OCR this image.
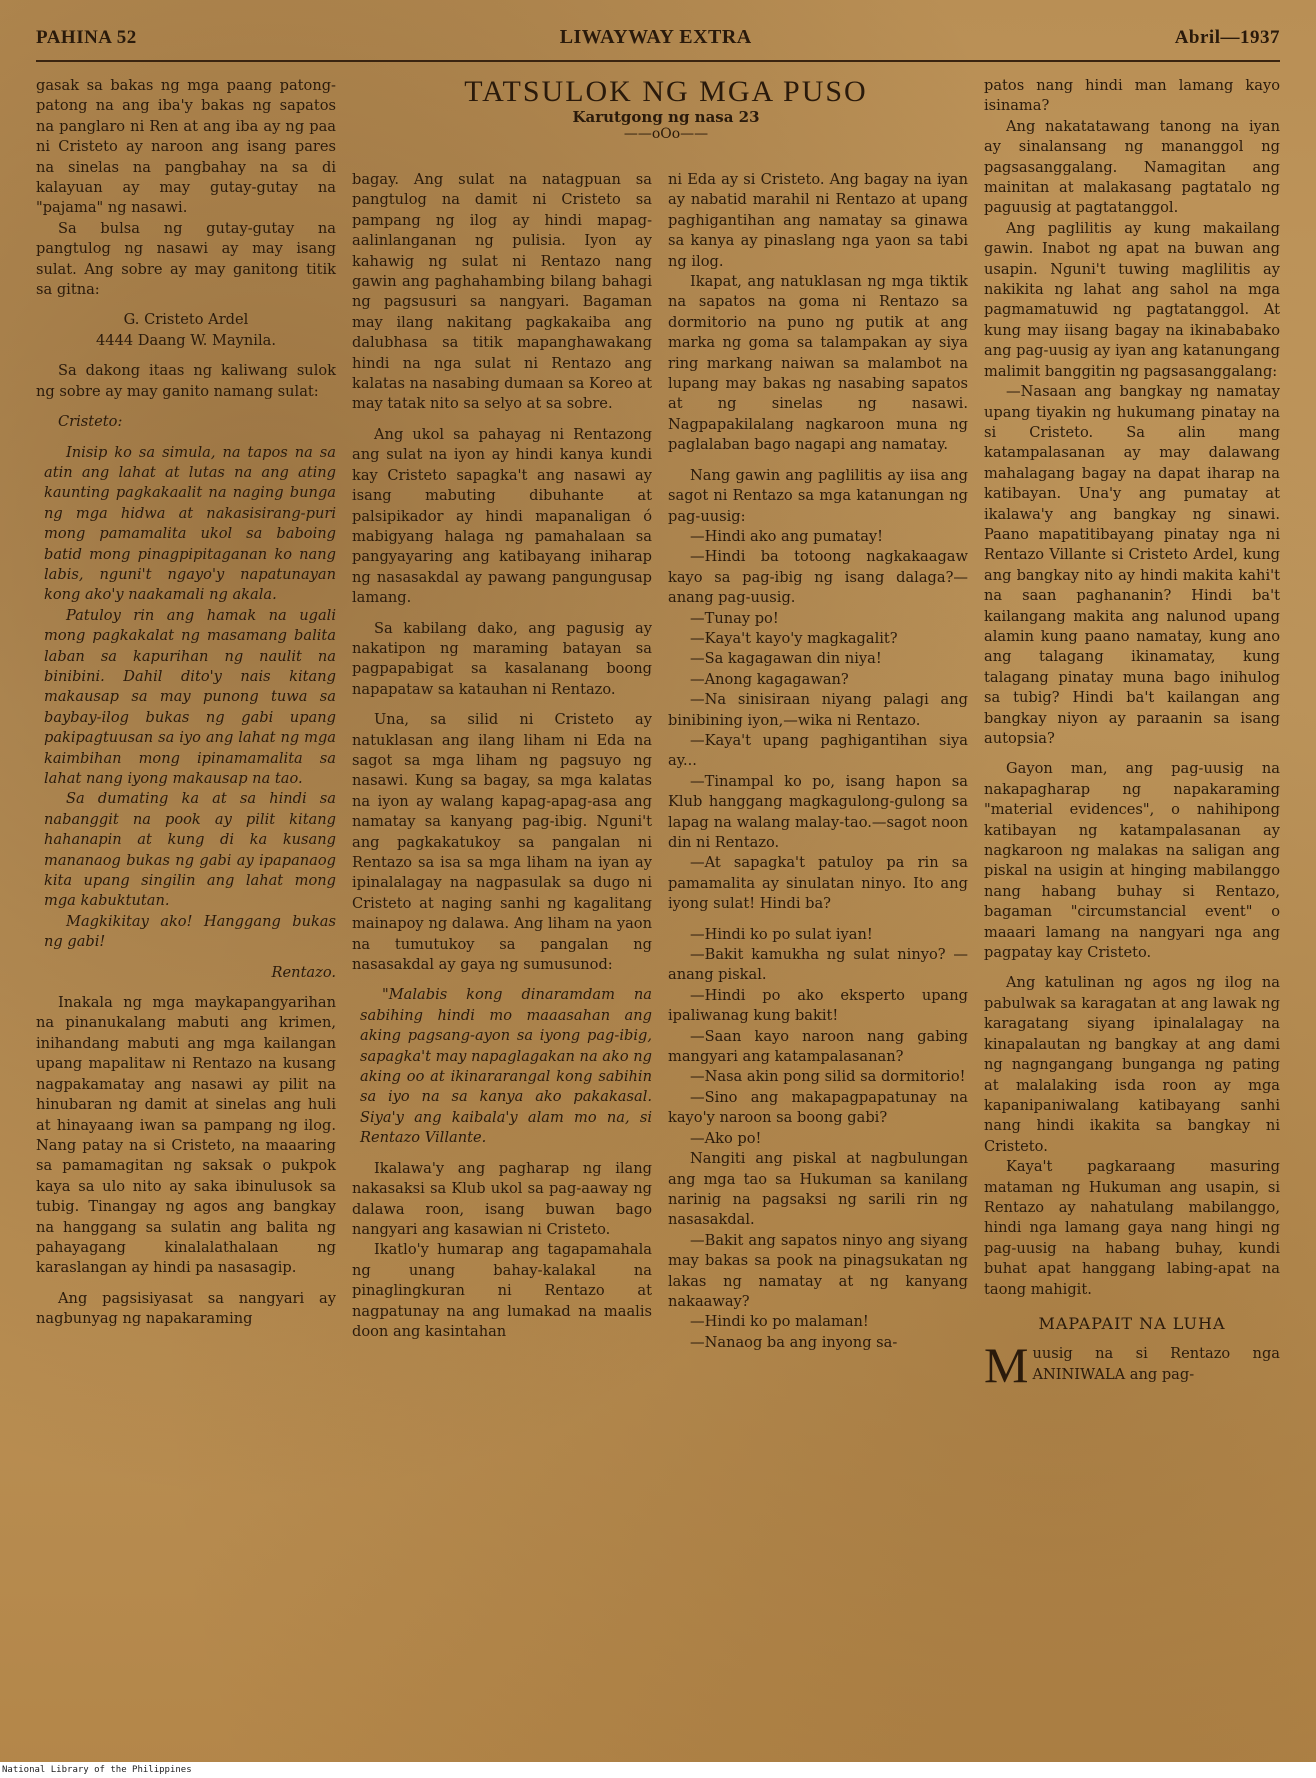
PAHINA 52	LIWAYWAY EXTRA	Abril—1937
TATSULOK NG MGA PUSO
Karutgong ng nasa 23
——oOo——

gasak sa bakas ng mga paang patong-patong na ang iba'y bakas ng sapatos na panglaro ni Ren at ang iba ay ng paa ni Cristeto ay naroon ang isang pares na sinelas na pangbahay na sa di kalayuan ay may gutay-gutay na "pajama" ng nasawi.

Sa bulsa ng gutay-gutay na pangtulog ng nasawi ay may isang sulat. Ang sobre ay may ganitong titik sa gitna:

G. Cristeto Ardel

4444 Daang W. Maynila.

Sa dakong itaas ng kaliwang sulok ng sobre ay may ganito namang sulat:

Cristeto:

Inisip ko sa simula, na tapos na sa atin ang lahat at lutas na ang ating kaunting pagkakaalit na naging bunga ng mga hidwa at nakasisirang-puri mong pamamalita ukol sa baboing batid mong pinagpipitaganan ko nang labis, nguni't ngayo'y napatunayan kong ako'y naakamali ng akala.

Patuloy rin ang hamak na ugali mong pagkakalat ng masamang balita laban sa kapurihan ng naulit na binibini. Dahil dito'y nais kitang makausap sa may punong tuwa sa baybay-ilog bukas ng gabi upang pakipagtuusan sa iyo ang lahat ng mga kaimbihan mong ipinamamalita sa lahat nang iyong makausap na tao.

Sa dumating ka at sa hindi sa nabanggit na pook ay pilit kitang hahanapin at kung di ka kusang mananaog bukas ng gabi ay ipapanaog kita upang singilin ang lahat mong mga kabuktutan.

Magkikitay ako! Hanggang bukas ng gabi!

Rentazo.

Inakala ng mga maykapangyarihan na pinanukalang mabuti ang krimen, inihandang mabuti ang mga kailangan upang mapalitaw ni Rentazo na kusang nagpakamatay ang nasawi ay pilit na hinubaran ng damit at sinelas ang huli at hinayaang iwan sa pampang ng ilog. Nang patay na si Cristeto, na maaaring sa pamamagitan ng saksak o pukpok kaya sa ulo nito ay saka ibinulusok sa tubig. Tinangay ng agos ang bangkay na hanggang sa sulatin ang balita ng pahayagang kinalalathalaan ng karaslangan ay hindi pa nasasagip.

Ang pagsisiyasat sa nangyari ay nagbunyag ng napakaraming

bagay. Ang sulat na natagpuan sa pangtulog na damit ni Cristeto sa pampang ng ilog ay hindi mapag-aalinlanganan ng pulisia. Iyon ay kahawig ng sulat ni Rentazo nang gawin ang paghahambing bilang bahagi ng pagsusuri sa nangyari. Bagaman may ilang nakitang pagkakaiba ang dalubhasa sa titik mapanghawakang hindi na nga sulat ni Rentazo ang kalatas na nasabing dumaan sa Koreo at may tatak nito sa selyo at sa sobre.

Ang ukol sa pahayag ni Rentazong ang sulat na iyon ay hindi kanya kundi kay Cristeto sapagka't ang nasawi ay isang mabuting dibuhante at palsipikador ay hindi mapanaligan ó mabigyang halaga ng pamahalaan sa pangyayaring ang katibayang iniharap ng nasasakdal ay pawang pangungusap lamang.

Sa kabilang dako, ang pagusig ay nakatipon ng maraming batayan sa pagpapabigat sa kasalanang boong napapataw sa katauhan ni Rentazo.

Una, sa silid ni Cristeto ay natuklasan ang ilang liham ni Eda na sagot sa mga liham ng pagsuyo ng nasawi. Kung sa bagay, sa mga kalatas na iyon ay walang kapag-apag-asa ang namatay sa kanyang pag-ibig. Nguni't ang pagkakatukoy sa pangalan ni Rentazo sa isa sa mga liham na iyan ay ipinalalagay na nagpasulak sa dugo ni Cristeto at naging sanhi ng kagalitang mainapoy ng dalawa. Ang liham na yaon na tumutukoy sa pangalan ng nasasakdal ay gaya ng sumusunod:

"Malabis kong dinaramdam na sabihing hindi mo maaasahan ang aking pagsang-ayon sa iyong pag-ibig, sapagka't may napaglagakan na ako ng aking oo at ikinararangal kong sabihin sa iyo na sa kanya ako pakakasal. Siya'y ang kaibala'y alam mo na, si Rentazo Villante.

Ikalawa'y ang pagharap ng ilang nakasaksi sa Klub ukol sa pag-aaway ng dalawa roon, isang buwan bago nangyari ang kasawian ni Cristeto.

Ikatlo'y humarap ang tagapamahala ng unang bahay-kalakal na pinaglingkuran ni Rentazo at nagpatunay na ang lumakad na maalis doon ang kasintahan

ni Eda ay si Cristeto. Ang bagay na iyan ay nabatid marahil ni Rentazo at upang paghigantihan ang namatay sa ginawa sa kanya ay pinaslang nga yaon sa tabi ng ilog.

Ikapat, ang natuklasan ng mga tiktik na sapatos na goma ni Rentazo sa dormitorio na puno ng putik at ang marka ng goma sa talampakan ay siya ring markang naiwan sa malambot na lupang may bakas ng nasabing sapatos at ng sinelas ng nasawi. Nagpapakilalang nagkaroon muna ng paglalaban bago nagapi ang namatay.

Nang gawin ang paglilitis ay iisa ang sagot ni Rentazo sa mga katanungan ng pag-uusig:

—Hindi ako ang pumatay!

—Hindi ba totoong nagkakaagaw kayo sa pag-ibig ng isang dalaga?—anang pag-uusig.

—Tunay po!

—Kaya't kayo'y magkagalit?

—Sa kagagawan din niya!

—Anong kagagawan?

—Na sinisiraan niyang palagi ang binibining iyon,—wika ni Rentazo.

—Kaya't upang paghigantihan siya ay...

—Tinampal ko po, isang hapon sa Klub hanggang magkagulong-gulong sa lapag na walang malay-tao.—sagot noon din ni Rentazo.

—At sapagka't patuloy pa rin sa pamamalita ay sinulatan ninyo. Ito ang iyong sulat! Hindi ba?

—Hindi ko po sulat iyan!

—Bakit kamukha ng sulat ninyo? — anang piskal.

—Hindi po ako eksperto upang ipaliwanag kung bakit!

—Saan kayo naroon nang gabing mangyari ang katampalasanan?

—Nasa akin pong silid sa dormitorio!

—Sino ang makapagpapatunay na kayo'y naroon sa boong gabi?

—Ako po!

Nangiti ang piskal at nagbulungan ang mga tao sa Hukuman sa kanilang narinig na pagsaksi ng sarili rin ng nasasakdal.

—Bakit ang sapatos ninyo ang siyang may bakas sa pook na pinagsukatan ng lakas ng namatay at ng kanyang nakaaway?

—Hindi ko po malaman!

—Nanaog ba ang inyong sa-

patos nang hindi man lamang kayo isinama?

Ang nakatatawang tanong na iyan ay sinalansang ng mananggol ng pagsasanggalang. Namagitan ang mainitan at malakasang pagtatalo ng paguusig at pagtatanggol.

Ang paglilitis ay kung makailang gawin. Inabot ng apat na buwan ang usapin. Nguni't tuwing maglilitis ay nakikita ng lahat ang sahol na mga pagmamatuwid ng pagtatanggol. At kung may iisang bagay na ikinababako ang pag-uusig ay iyan ang katanungang malimit banggitin ng pagsasanggalang:

—Nasaan ang bangkay ng namatay upang tiyakin ng hukumang pinatay na si Cristeto. Sa alin mang katampalasanan ay may dalawang mahalagang bagay na dapat iharap na katibayan. Una'y ang pumatay at ikalawa'y ang bangkay ng sinawi. Paano mapatitibayang pinatay nga ni Rentazo Villante si Cristeto Ardel, kung ang bangkay nito ay hindi makita kahi't na saan paghananin? Hindi ba't kailangang makita ang nalunod upang alamin kung paano namatay, kung ano ang talagang ikinamatay, kung talagang pinatay muna bago inihulog sa tubig? Hindi ba't kailangan ang bangkay niyon ay paraanin sa isang autopsia?

Gayon man, ang pag-uusig na nakapagharap ng napakaraming "material evidences", o nahihipong katibayan ng katampalasanan ay nagkaroon ng malakas na saligan ang piskal na usigin at hinging mabilanggo nang habang buhay si Rentazo, bagaman "circumstancial event" o maaari lamang na nangyari nga ang pagpatay kay Cristeto.

Ang katulinan ng agos ng ilog na pabulwak sa karagatan at ang lawak ng karagatang siyang ipinalalagay na kinapalautan ng bangkay at ang dami ng nagngangang bunganga ng pating at malalaking isda roon ay mga kapanipaniwalang katibayang sanhi nang hindi ikakita sa bangkay ni Cristeto.

Kaya't pagkaraang masuring mataman ng Hukuman ang usapin, si Rentazo ay nahatulang mabilanggo, hindi nga lamang gaya nang hingi ng pag-uusig na habang buhay, kundi buhat apat hanggang labing-apat na taong mahigit.

MAPAPAIT NA LUHA
M uusig na si Rentazo nga ANINIWALA ang pag-
National Library of the Philippines
